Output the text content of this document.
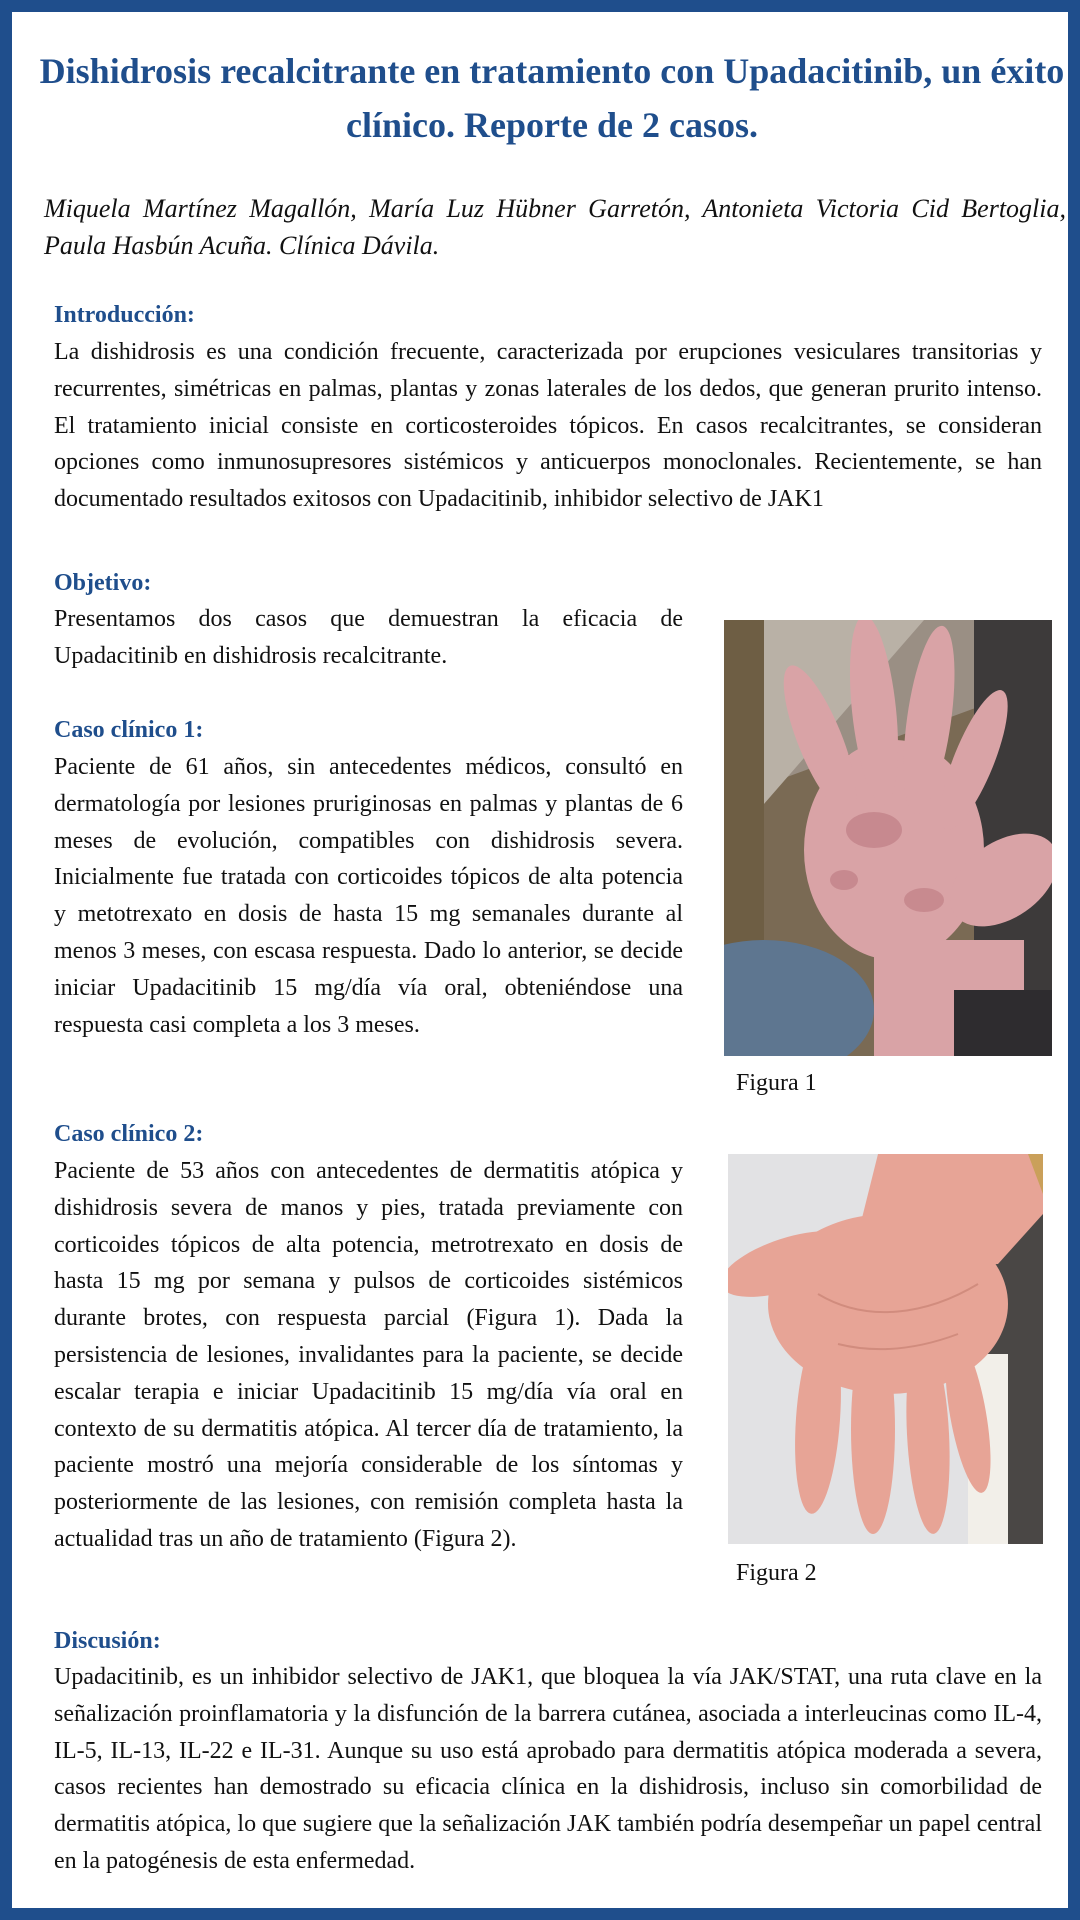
Dishidrosis recalcitrante en tratamiento con Upadacitinib, un éxito clínico. Reporte de 2 casos.

Miquela Martínez Magallón, María Luz Hübner Garretón, Antonieta Victoria Cid Bertoglia, Paula Hasbún Acuña. Clínica Dávila.

Introducción:

La dishidrosis es una condición frecuente, caracterizada por erupciones vesiculares transitorias y recurrentes, simétricas en palmas, plantas y zonas laterales de los dedos, que generan prurito intenso. El tratamiento inicial consiste en corticosteroides tópicos. En casos recalcitrantes, se consideran opciones como inmunosupresores sistémicos y anticuerpos monoclonales. Recientemente, se han documentado resultados exitosos con Upadacitinib, inhibidor selectivo de JAK1

Objetivo:

Presentamos dos casos que demuestran la eficacia de Upadacitinib en dishidrosis recalcitrante.

Caso clínico 1:

Paciente de 61 años, sin antecedentes médicos, consultó en dermatología por lesiones pruriginosas en palmas y plantas de 6 meses de evolución, compatibles con dishidrosis severa. Inicialmente fue tratada con corticoides tópicos de alta potencia y metotrexato en dosis de hasta 15 mg semanales durante al menos 3 meses, con escasa respuesta. Dado lo anterior, se decide iniciar Upadacitinib 15 mg/día vía oral, obteniéndose una respuesta casi completa a los 3 meses.

Figura 1

Caso clínico 2:

Paciente de 53 años con antecedentes de dermatitis atópica y dishidrosis severa de manos y pies, tratada previamente con corticoides tópicos de alta potencia, metrotrexato en dosis de hasta 15 mg por semana y pulsos de corticoides sistémicos durante brotes, con respuesta parcial (Figura 1). Dada la persistencia de lesiones, invalidantes para la paciente, se decide escalar terapia e iniciar Upadacitinib 15 mg/día vía oral en contexto de su dermatitis atópica. Al tercer día de tratamiento, la paciente mostró una mejoría considerable de los síntomas y posteriormente de las lesiones, con remisión completa hasta la actualidad tras un año de tratamiento (Figura 2).

Figura 2

Discusión:

Upadacitinib, es un inhibidor selectivo de JAK1, que bloquea la vía JAK/STAT, una ruta clave en la señalización proinflamatoria y la disfunción de la barrera cutánea, asociada a interleucinas como IL-4, IL-5, IL-13, IL-22 e IL-31. Aunque su uso está aprobado para dermatitis atópica moderada a severa, casos recientes han demostrado su eficacia clínica en la dishidrosis, incluso sin comorbilidad de dermatitis atópica, lo que sugiere que la señalización JAK también podría desempeñar un papel central en la patogénesis de esta enfermedad.
